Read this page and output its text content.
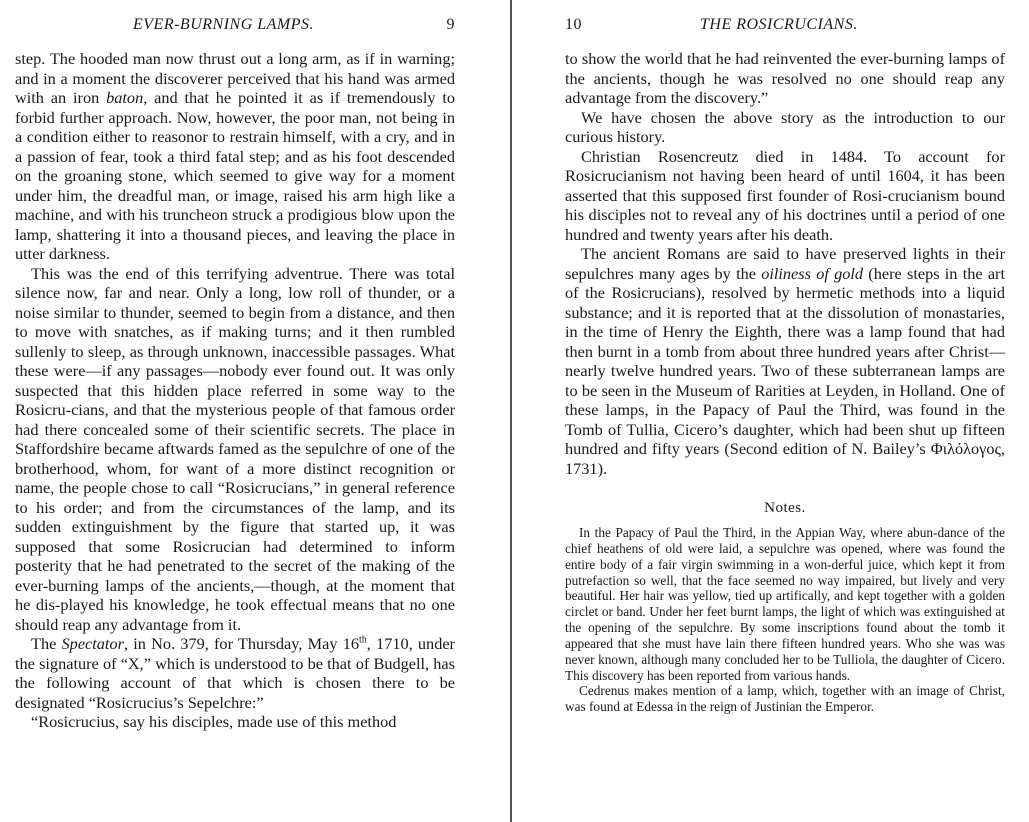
EVER-BURNING LAMPS.	9

step. The hooded man now thrust out a long arm, as if in warning; and in a moment the discoverer perceived that his hand was armed with an iron baton, and that he pointed it as if tremendously to forbid further approach. Now, however, the poor man, not being in a condition either to reasonor to restrain himself, with a cry, and in a passion of fear, took a third fatal step; and as his foot descended on the groaning stone, which seemed to give way for a moment under him, the dreadful man, or image, raised his arm high like a machine, and with his truncheon struck a prodigious blow upon the lamp, shattering it into a thousand pieces, and leaving the place in utter darkness.

This was the end of this terrifying adventrue. There was total silence now, far and near. Only a long, low roll of thunder, or a noise similar to thunder, seemed to begin from a distance, and then to move with snatches, as if making turns; and it then rumbled sullenly to sleep, as through unknown, inaccessible passages. What these were—if any passages—nobody ever found out. It was only suspected that this hidden place referred in some way to the Rosicru-cians, and that the mysterious people of that famous order had there concealed some of their scientific secrets. The place in Staffordshire became aftwards famed as the sepulchre of one of the brotherhood, whom, for want of a more distinct recognition or name, the people chose to call “Rosicrucians,” in general reference to his order; and from the circumstances of the lamp, and its sudden extinguishment by the figure that started up, it was supposed that some Rosicrucian had determined to inform posterity that he had penetrated to the secret of the making of the ever-burning lamps of the ancients,—though, at the moment that he dis-played his knowledge, he took effectual means that no one should reap any advantage from it.

The Spectator, in No. 379, for Thursday, May 16th, 1710, under the signature of “X,” which is understood to be that of Budgell, has the following account of that which is chosen there to be designated “Rosicrucius’s Sepelchre:”

“Rosicrucius, say his disciples, made use of this method

10	THE ROSICRUCIANS.

to show the world that he had reinvented the ever-burning lamps of the ancients, though he was resolved no one should reap any advantage from the discovery.”

We have chosen the above story as the introduction to our curious history.

Christian Rosencreutz died in 1484. To account for Rosicrucianism not having been heard of until 1604, it has been asserted that this supposed first founder of Rosi-crucianism bound his disciples not to reveal any of his doctrines until a period of one hundred and twenty years after his death.

The ancient Romans are said to have preserved lights in their sepulchres many ages by the oiliness of gold (here steps in the art of the Rosicrucians), resolved by hermetic methods into a liquid substance; and it is reported that at the dissolution of monastaries, in the time of Henry the Eighth, there was a lamp found that had then burnt in a tomb from about three hundred years after Christ—nearly twelve hundred years. Two of these subterranean lamps are to be seen in the Museum of Rarities at Leyden, in Holland. One of these lamps, in the Papacy of Paul the Third, was found in the Tomb of Tullia, Cicero’s daughter, which had been shut up fifteen hundred and fifty years (Second edition of N. Bailey’s Φιλόλογος, 1731).

Notes.

In the Papacy of Paul the Third, in the Appian Way, where abun-dance of the chief heathens of old were laid, a sepulchre was opened, where was found the entire body of a fair virgin swimming in a won-derful juice, which kept it from putrefaction so well, that the face seemed no way impaired, but lively and very beautiful. Her hair was yellow, tied up artifically, and kept together with a golden circlet or band. Under her feet burnt lamps, the light of which was extinguished at the opening of the sepulchre. By some inscriptions found about the tomb it appeared that she must have lain there fifteen hundred years. Who she was was never known, although many concluded her to be Tulliola, the daughter of Cicero. This discovery has been reported from various hands.

Cedrenus makes mention of a lamp, which, together with an image of Christ, was found at Edessa in the reign of Justinian the Emperor.
